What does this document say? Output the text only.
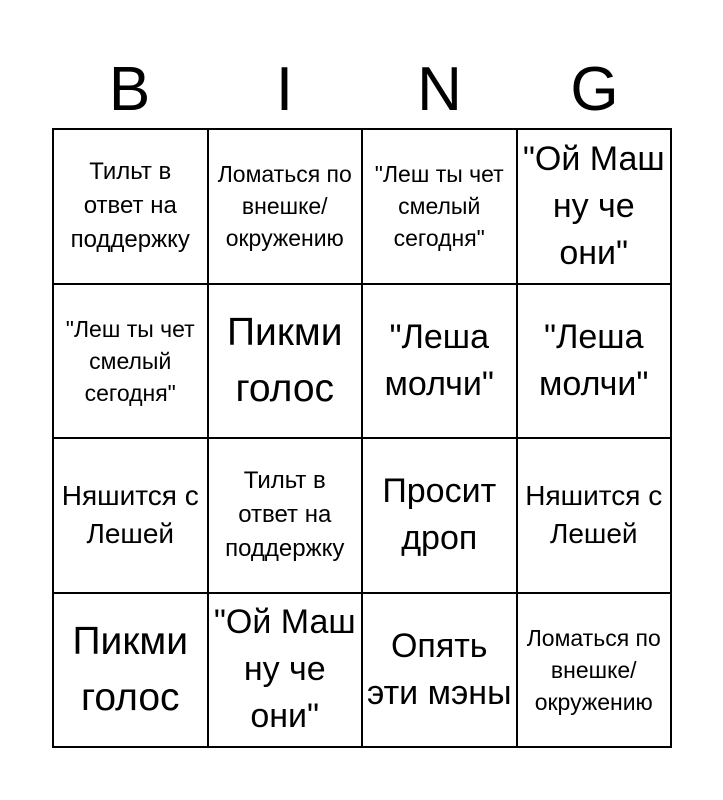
B	I	N	G
Тильт в ответ на поддержку
Ломаться по внешке/ окружению
"Леш ты чет смелый сегодня"
"Ой Маш ну че они"
"Леш ты чет смелый сегодня"
Пикми голос
"Леша молчи"
"Леша молчи"
Няшится с Лешей
Тильт в ответ на поддержку
Просит дроп
Няшится с Лешей
Пикми голос
"Ой Маш ну че они"
Опять эти мэны
Ломаться по внешке/ окружению
